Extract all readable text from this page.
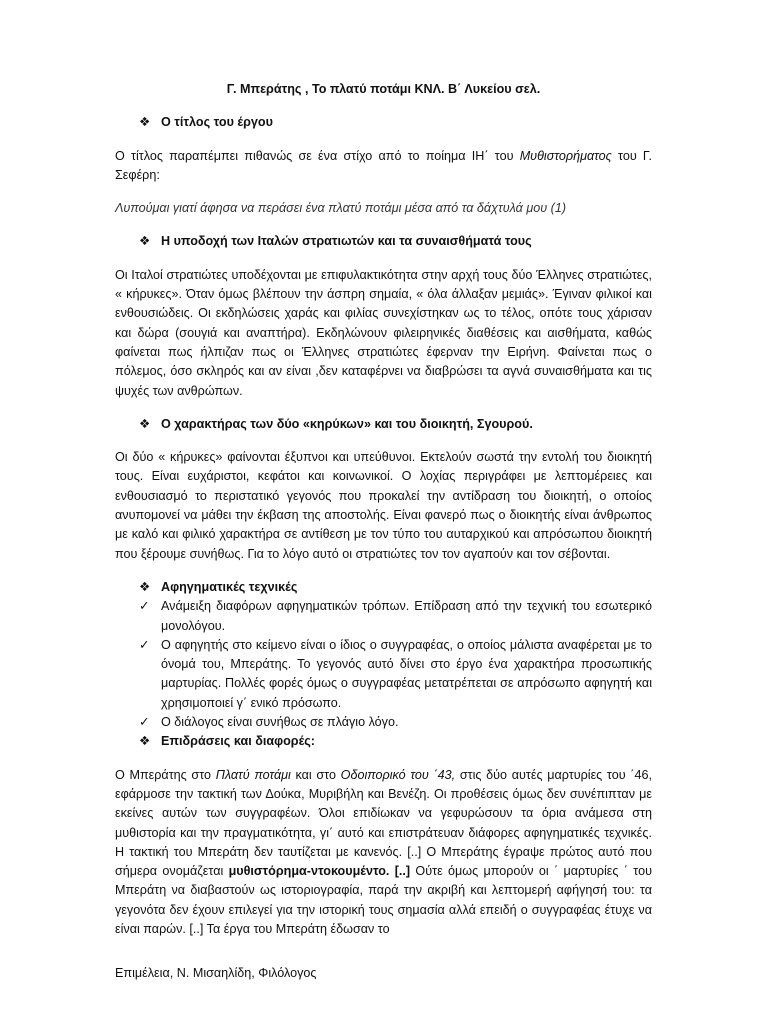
Γ. Μπεράτης , Το πλατύ ποτάμι ΚΝΛ. Β΄ Λυκείου σελ.

❖ Ο τίτλος του έργου

Ο τίτλος παραπέμπει πιθανώς σε ένα στίχο από το ποίημα ΙΗ΄ του Μυθιστορήματος του Γ. Σεφέρη:

Λυπούμαι γιατί άφησα να περάσει ένα πλατύ ποτάμι μέσα από τα δάχτυλά μου (1)

❖ Η υποδοχή των Ιταλών στρατιωτών και τα συναισθήματά τους

Οι Ιταλοί στρατιώτες υποδέχονται με επιφυλακτικότητα στην αρχή τους δύο Έλληνες στρατιώτες, « κήρυκες». Όταν όμως βλέπουν την άσπρη σημαία, « όλα άλλαξαν μεμιάς». Έγιναν φιλικοί και ενθουσιώδεις. Οι εκδηλώσεις χαράς και φιλίας συνεχίστηκαν ως το τέλος, οπότε τους χάρισαν και δώρα (σουγιά και αναπτήρα). Εκδηλώνουν φιλειρηνικές διαθέσεις και αισθήματα, καθώς φαίνεται πως ήλπιζαν πως οι Έλληνες στρατιώτες έφερναν την Ειρήνη. Φαίνεται πως ο πόλεμος, όσο σκληρός και αν είναι ,δεν καταφέρνει να διαβρώσει τα αγνά συναισθήματα και τις ψυχές των ανθρώπων.

❖ Ο χαρακτήρας των δύο «κηρύκων» και του διοικητή, Σγουρού.

Οι δύο « κήρυκες» φαίνονται έξυπνοι και υπεύθυνοι. Εκτελούν σωστά την εντολή του διοικητή τους. Είναι ευχάριστοι, κεφάτοι και κοινωνικοί. Ο λοχίας περιγράφει με λεπτομέρειες και ενθουσιασμό το περιστατικό γεγονός που προκαλεί την αντίδραση του διοικητή, ο οποίος ανυπομονεί να μάθει την έκβαση της αποστολής. Είναι φανερό πως ο διοικητής είναι άνθρωπος με καλό και φιλικό χαρακτήρα σε αντίθεση με τον τύπο του αυταρχικού και απρόσωπου διοικητή που ξέρουμε συνήθως. Για το λόγο αυτό οι στρατιώτες τον τον αγαπούν και τον σέβονται.

❖ Αφηγηματικές τεχνικές
✓ Ανάμειξη διαφόρων αφηγηματικών τρόπων. Επίδραση από την τεχνική του εσωτερικό μονολόγου.
✓ Ο αφηγητής στο κείμενο είναι ο ίδιος ο συγγραφέας, ο οποίος μάλιστα αναφέρεται με το όνομά του, Μπεράτης. Το γεγονός αυτό δίνει στο έργο ένα χαρακτήρα προσωπικής μαρτυρίας. Πολλές φορές όμως ο συγγραφέας μετατρέπεται σε απρόσωπο αφηγητή και χρησιμοποιεί γ΄ ενικό πρόσωπο.
✓ Ο διάλογος είναι συνήθως σε πλάγιο λόγο.
❖ Επιδράσεις και διαφορές:

Ο Μπεράτης στο Πλατύ ποτάμι και στο Οδοιπορικό του ΄43, στις δύο αυτές μαρτυρίες του ΄46, εφάρμοσε την τακτική των Δούκα, Μυριβήλη και Βενέζη. Οι προθέσεις όμως δεν συνέπιπταν με εκείνες αυτών των συγγραφέων. Όλοι επιδίωκαν να γεφυρώσουν τα όρια ανάμεσα στη μυθιστορία και την πραγματικότητα, γι΄ αυτό και επιστράτευαν διάφορες αφηγηματικές τεχνικές. Η τακτική του Μπεράτη δεν ταυτίζεται με κανενός. [..] Ο Μπεράτης έγραψε πρώτος αυτό που σήμερα ονομάζεται μυθιστόρημα-ντοκουμέντο. [..] Ούτε όμως μπορούν οι ΄ μαρτυρίες ΄ του Μπεράτη να διαβαστούν ως ιστοριογραφία, παρά την ακριβή και λεπτομερή αφήγησή του: τα γεγονότα δεν έχουν επιλεγεί για την ιστορική τους σημασία αλλά επειδή ο συγγραφέας έτυχε να είναι παρών. [..] Τα έργα του Μπεράτη έδωσαν το

Επιμέλεια, Ν. Μισαηλίδη, Φιλόλογος
